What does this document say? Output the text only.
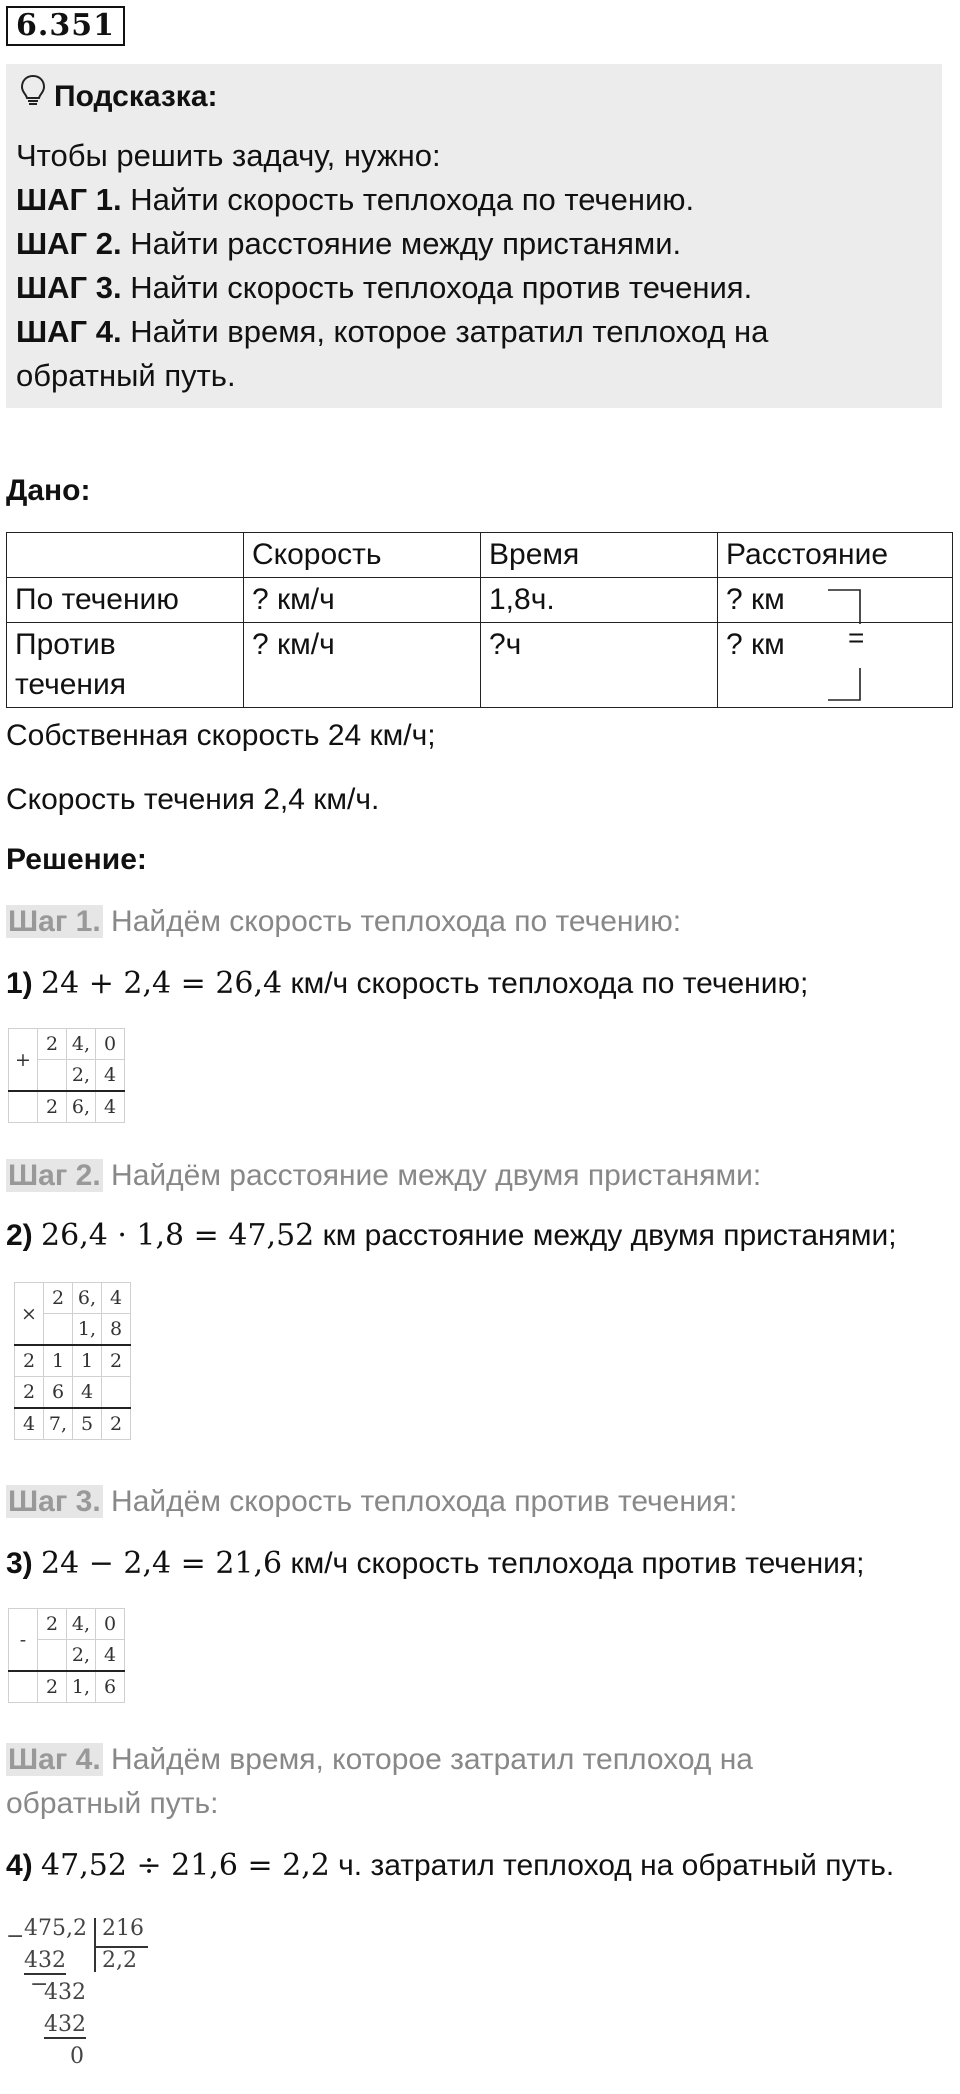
6.351
Подсказка:
Чтобы решить задачу, нужно:
ШАГ 1. Найти скорость теплохода по течению.
ШАГ 2. Найти расстояние между пристанями.
ШАГ 3. Найти скорость теплохода против течения.
ШАГ 4. Найти время, которое затратил теплоход на
обратный путь.
Дано:
	Скорость	Время	Расстояние
По течению	? км/ч	1,8ч.	? км
Против течения	? км/ч	?ч	? км =
Собственная скорость 24 км/ч;
Скорость течения 2,4 км/ч.
Решение:
Шаг 1. Найдём скорость теплохода по течению:
1) 24 + 2,4 = 26,4 км/ч скорость теплохода по течению;
+	2	4,	0
		2,	4
	2	6,	4
Шаг 2. Найдём расстояние между двумя пристанями:
2) 26,4 · 1,8 = 47,52 км расстояние между двумя пристанями;
×	2	6,	4
		1,	8
2	1	1	2
2	6	4	
4	7,	5	2
Шаг 3. Найдём скорость теплохода против течения:
3) 24 − 2,4 = 21,6 км/ч скорость теплохода против течения;
-	2	4,	0
		2,	4
	2	1,	6
Шаг 4. Найдём время, которое затратил теплоход на
обратный путь:
4) 47,52 ÷ 21,6 = 2,2 ч. затратил теплоход на обратный путь.
− 475,2 216
2,2
432
−
432
432
0
